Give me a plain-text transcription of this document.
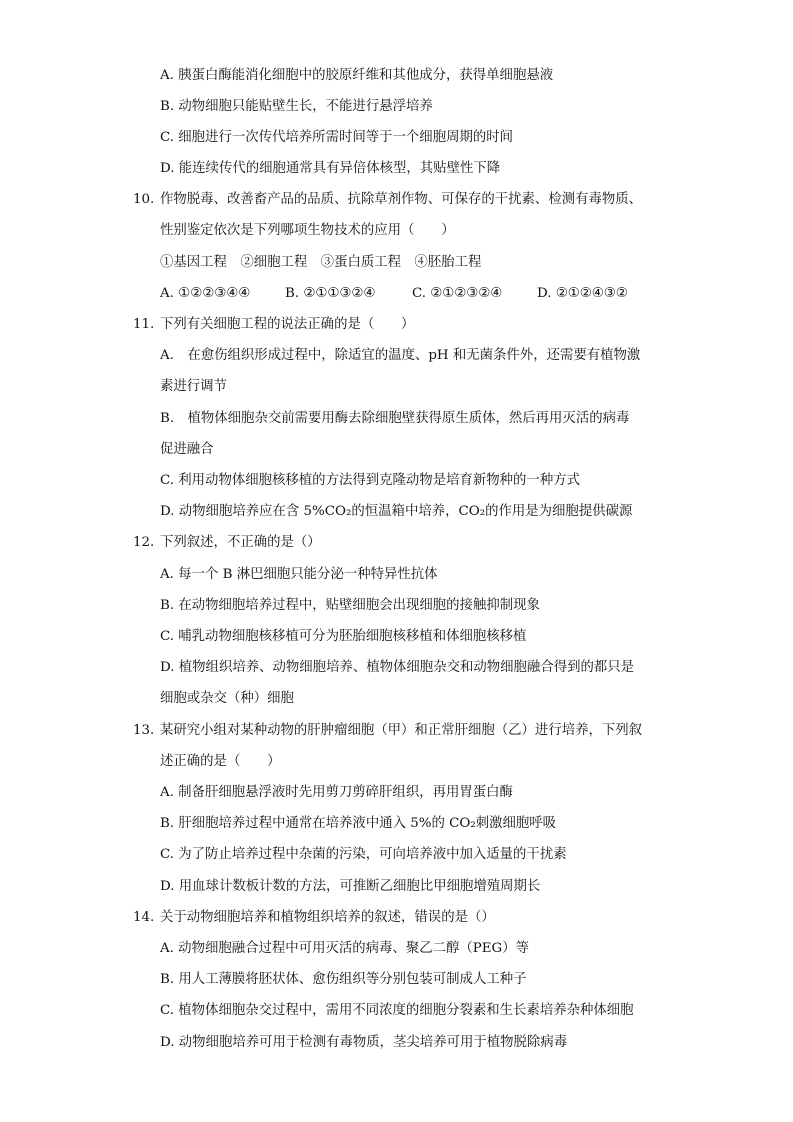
A. 胰蛋白酶能消化细胞中的胶原纤维和其他成分，获得单细胞悬液
B. 动物细胞只能贴壁生长，不能进行悬浮培养
C. 细胞进行一次传代培养所需时间等于一个细胞周期的时间
D. 能连续传代的细胞通常具有异倍体核型，其贴壁性下降
10. 作物脱毒、改善畜产品的品质、抗除草剂作物、可保存的干扰素、检测有毒物质、
性别鉴定依次是下列哪项生物技术的应用（　　）
①基因工程　②细胞工程　③蛋白质工程　④胚胎工程
A. ①②②③④④	B. ②①①③②④	C. ②①②③②④	D. ②①②④③②
11. 下列有关细胞工程的说法正确的是（　　）
A.　在愈伤组织形成过程中，除适宜的温度、pH 和无菌条件外，还需要有植物激
素进行调节
B.　植物体细胞杂交前需要用酶去除细胞壁获得原生质体，然后再用灭活的病毒
促进融合
C. 利用动物体细胞核移植的方法得到克隆动物是培育新物种的一种方式
D. 动物细胞培养应在含 5%CO₂的恒温箱中培养，CO₂的作用是为细胞提供碳源
12. 下列叙述，不正确的是（）
A. 每一个 B 淋巴细胞只能分泌一种特异性抗体
B. 在动物细胞培养过程中，贴壁细胞会出现细胞的接触抑制现象
C. 哺乳动物细胞核移植可分为胚胎细胞核移植和体细胞核移植
D. 植物组织培养、动物细胞培养、植物体细胞杂交和动物细胞融合得到的都只是
细胞或杂交（种）细胞
13. 某研究小组对某种动物的肝肿瘤细胞（甲）和正常肝细胞（乙）进行培养，下列叙
述正确的是（　　）
A. 制备肝细胞悬浮液时先用剪刀剪碎肝组织，再用胃蛋白酶
B. 肝细胞培养过程中通常在培养液中通入 5%的 CO₂刺激细胞呼吸
C. 为了防止培养过程中杂菌的污染，可向培养液中加入适量的干扰素
D. 用血球计数板计数的方法，可推断乙细胞比甲细胞增殖周期长
14. 关于动物细胞培养和植物组织培养的叙述，错误的是（）
A. 动物细胞融合过程中可用灭活的病毒、聚乙二醇（PEG）等
B. 用人工薄膜将胚状体、愈伤组织等分别包装可制成人工种子
C. 植物体细胞杂交过程中，需用不同浓度的细胞分裂素和生长素培养杂种体细胞
D. 动物细胞培养可用于检测有毒物质，茎尖培养可用于植物脱除病毒
